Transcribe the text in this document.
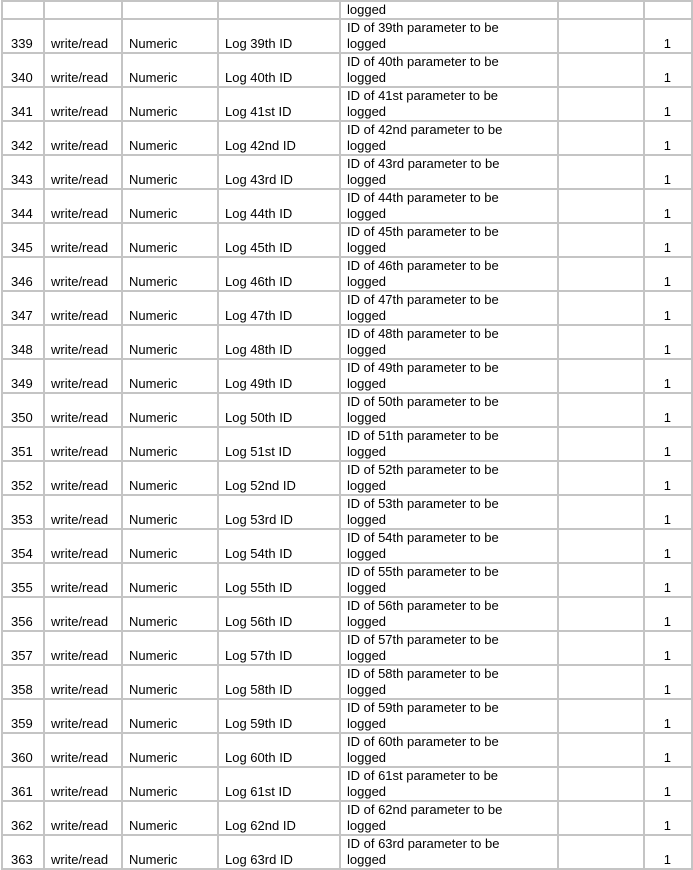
				logged		

339	write/read	Numeric	Log 39th ID	ID of 39th parameter to be
logged		1
340	write/read	Numeric	Log 40th ID	ID of 40th parameter to be
logged		1
341	write/read	Numeric	Log 41st ID	ID of 41st parameter to be
logged		1
342	write/read	Numeric	Log 42nd ID	ID of 42nd parameter to be
logged		1
343	write/read	Numeric	Log 43rd ID	ID of 43rd parameter to be
logged		1
344	write/read	Numeric	Log 44th ID	ID of 44th parameter to be
logged		1
345	write/read	Numeric	Log 45th ID	ID of 45th parameter to be
logged		1
346	write/read	Numeric	Log 46th ID	ID of 46th parameter to be
logged		1
347	write/read	Numeric	Log 47th ID	ID of 47th parameter to be
logged		1
348	write/read	Numeric	Log 48th ID	ID of 48th parameter to be
logged		1
349	write/read	Numeric	Log 49th ID	ID of 49th parameter to be
logged		1
350	write/read	Numeric	Log 50th ID	ID of 50th parameter to be
logged		1
351	write/read	Numeric	Log 51st ID	ID of 51th parameter to be
logged		1
352	write/read	Numeric	Log 52nd ID	ID of 52th parameter to be
logged		1
353	write/read	Numeric	Log 53rd ID	ID of 53th parameter to be
logged		1
354	write/read	Numeric	Log 54th ID	ID of 54th parameter to be
logged		1
355	write/read	Numeric	Log 55th ID	ID of 55th parameter to be
logged		1
356	write/read	Numeric	Log 56th ID	ID of 56th parameter to be
logged		1
357	write/read	Numeric	Log 57th ID	ID of 57th parameter to be
logged		1
358	write/read	Numeric	Log 58th ID	ID of 58th parameter to be
logged		1
359	write/read	Numeric	Log 59th ID	ID of 59th parameter to be
logged		1
360	write/read	Numeric	Log 60th ID	ID of 60th parameter to be
logged		1
361	write/read	Numeric	Log 61st ID	ID of 61st parameter to be
logged		1
362	write/read	Numeric	Log 62nd ID	ID of 62nd parameter to be
logged		1
363	write/read	Numeric	Log 63rd ID	ID of 63rd parameter to be
logged		1
